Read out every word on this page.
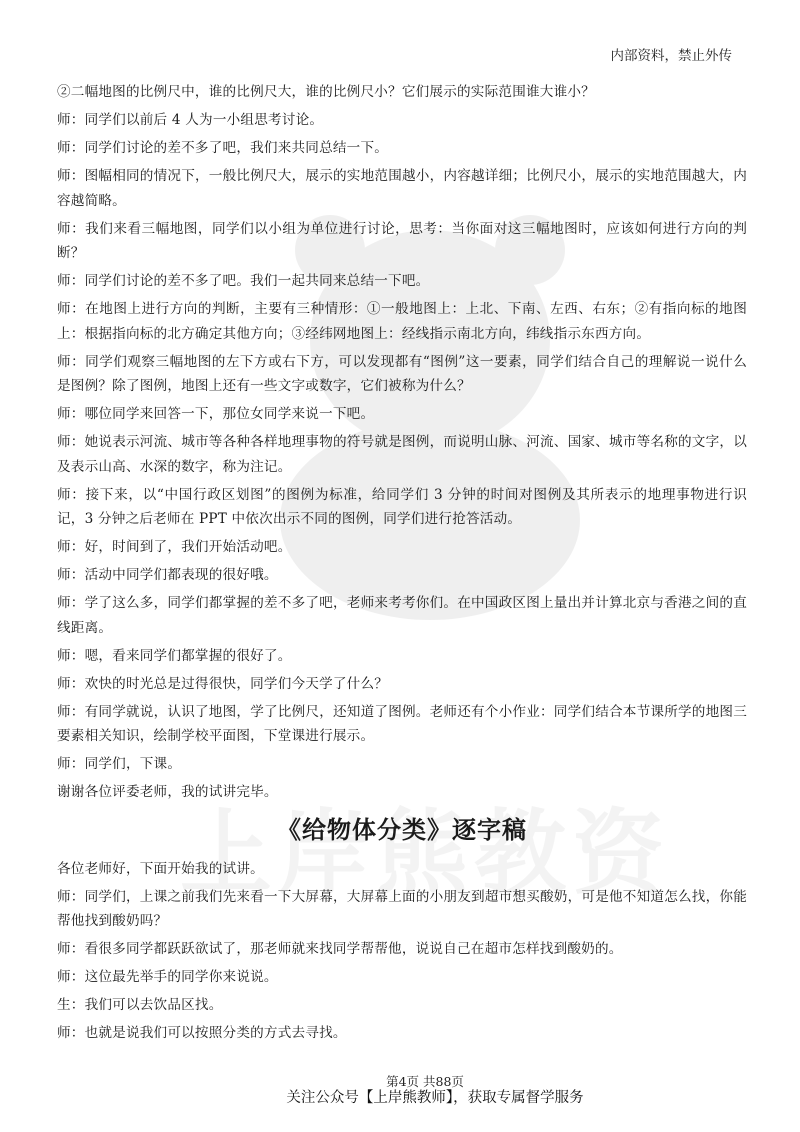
内部资料，禁止外传

②二幅地图的比例尺中，谁的比例尺大，谁的比例尺小？它们展示的实际范围谁大谁小？

师：同学们以前后 4 人为一小组思考讨论。

师：同学们讨论的差不多了吧，我们来共同总结一下。

师：图幅相同的情况下，一般比例尺大，展示的实地范围越小，内容越详细；比例尺小，展示的实地范围越大，内容越简略。

师：我们来看三幅地图，同学们以小组为单位进行讨论，思考：当你面对这三幅地图时，应该如何进行方向的判断？

师：同学们讨论的差不多了吧。我们一起共同来总结一下吧。

师：在地图上进行方向的判断，主要有三种情形：①一般地图上：上北、下南、左西、右东；②有指向标的地图上：根据指向标的北方确定其他方向；③经纬网地图上：经线指示南北方向，纬线指示东西方向。

师：同学们观察三幅地图的左下方或右下方，可以发现都有“图例”这一要素，同学们结合自己的理解说一说什么是图例？除了图例，地图上还有一些文字或数字，它们被称为什么？

师：哪位同学来回答一下，那位女同学来说一下吧。

师：她说表示河流、城市等各种各样地理事物的符号就是图例，而说明山脉、河流、国家、城市等名称的文字，以及表示山高、水深的数字，称为注记。

师：接下来，以“中国行政区划图”的图例为标准，给同学们 3 分钟的时间对图例及其所表示的地理事物进行识记，3 分钟之后老师在 PPT 中依次出示不同的图例，同学们进行抢答活动。

师：好，时间到了，我们开始活动吧。

师：活动中同学们都表现的很好哦。

师：学了这么多，同学们都掌握的差不多了吧，老师来考考你们。在中国政区图上量出并计算北京与香港之间的直线距离。

师：嗯，看来同学们都掌握的很好了。

师：欢快的时光总是过得很快，同学们今天学了什么？

师：有同学就说，认识了地图，学了比例尺，还知道了图例。老师还有个小作业：同学们结合本节课所学的地图三要素相关知识，绘制学校平面图，下堂课进行展示。

师：同学们，下课。

谢谢各位评委老师，我的试讲完毕。

《给物体分类》逐字稿

各位老师好，下面开始我的试讲。

师：同学们，上课之前我们先来看一下大屏幕，大屏幕上面的小朋友到超市想买酸奶，可是他不知道怎么找，你能帮他找到酸奶吗？

师：看很多同学都跃跃欲试了，那老师就来找同学帮帮他，说说自己在超市怎样找到酸奶的。

师：这位最先举手的同学你来说说。

生：我们可以去饮品区找。

师：也就是说我们可以按照分类的方式去寻找。

第4页 共88页
关注公众号【上岸熊教师】，获取专属督学服务
